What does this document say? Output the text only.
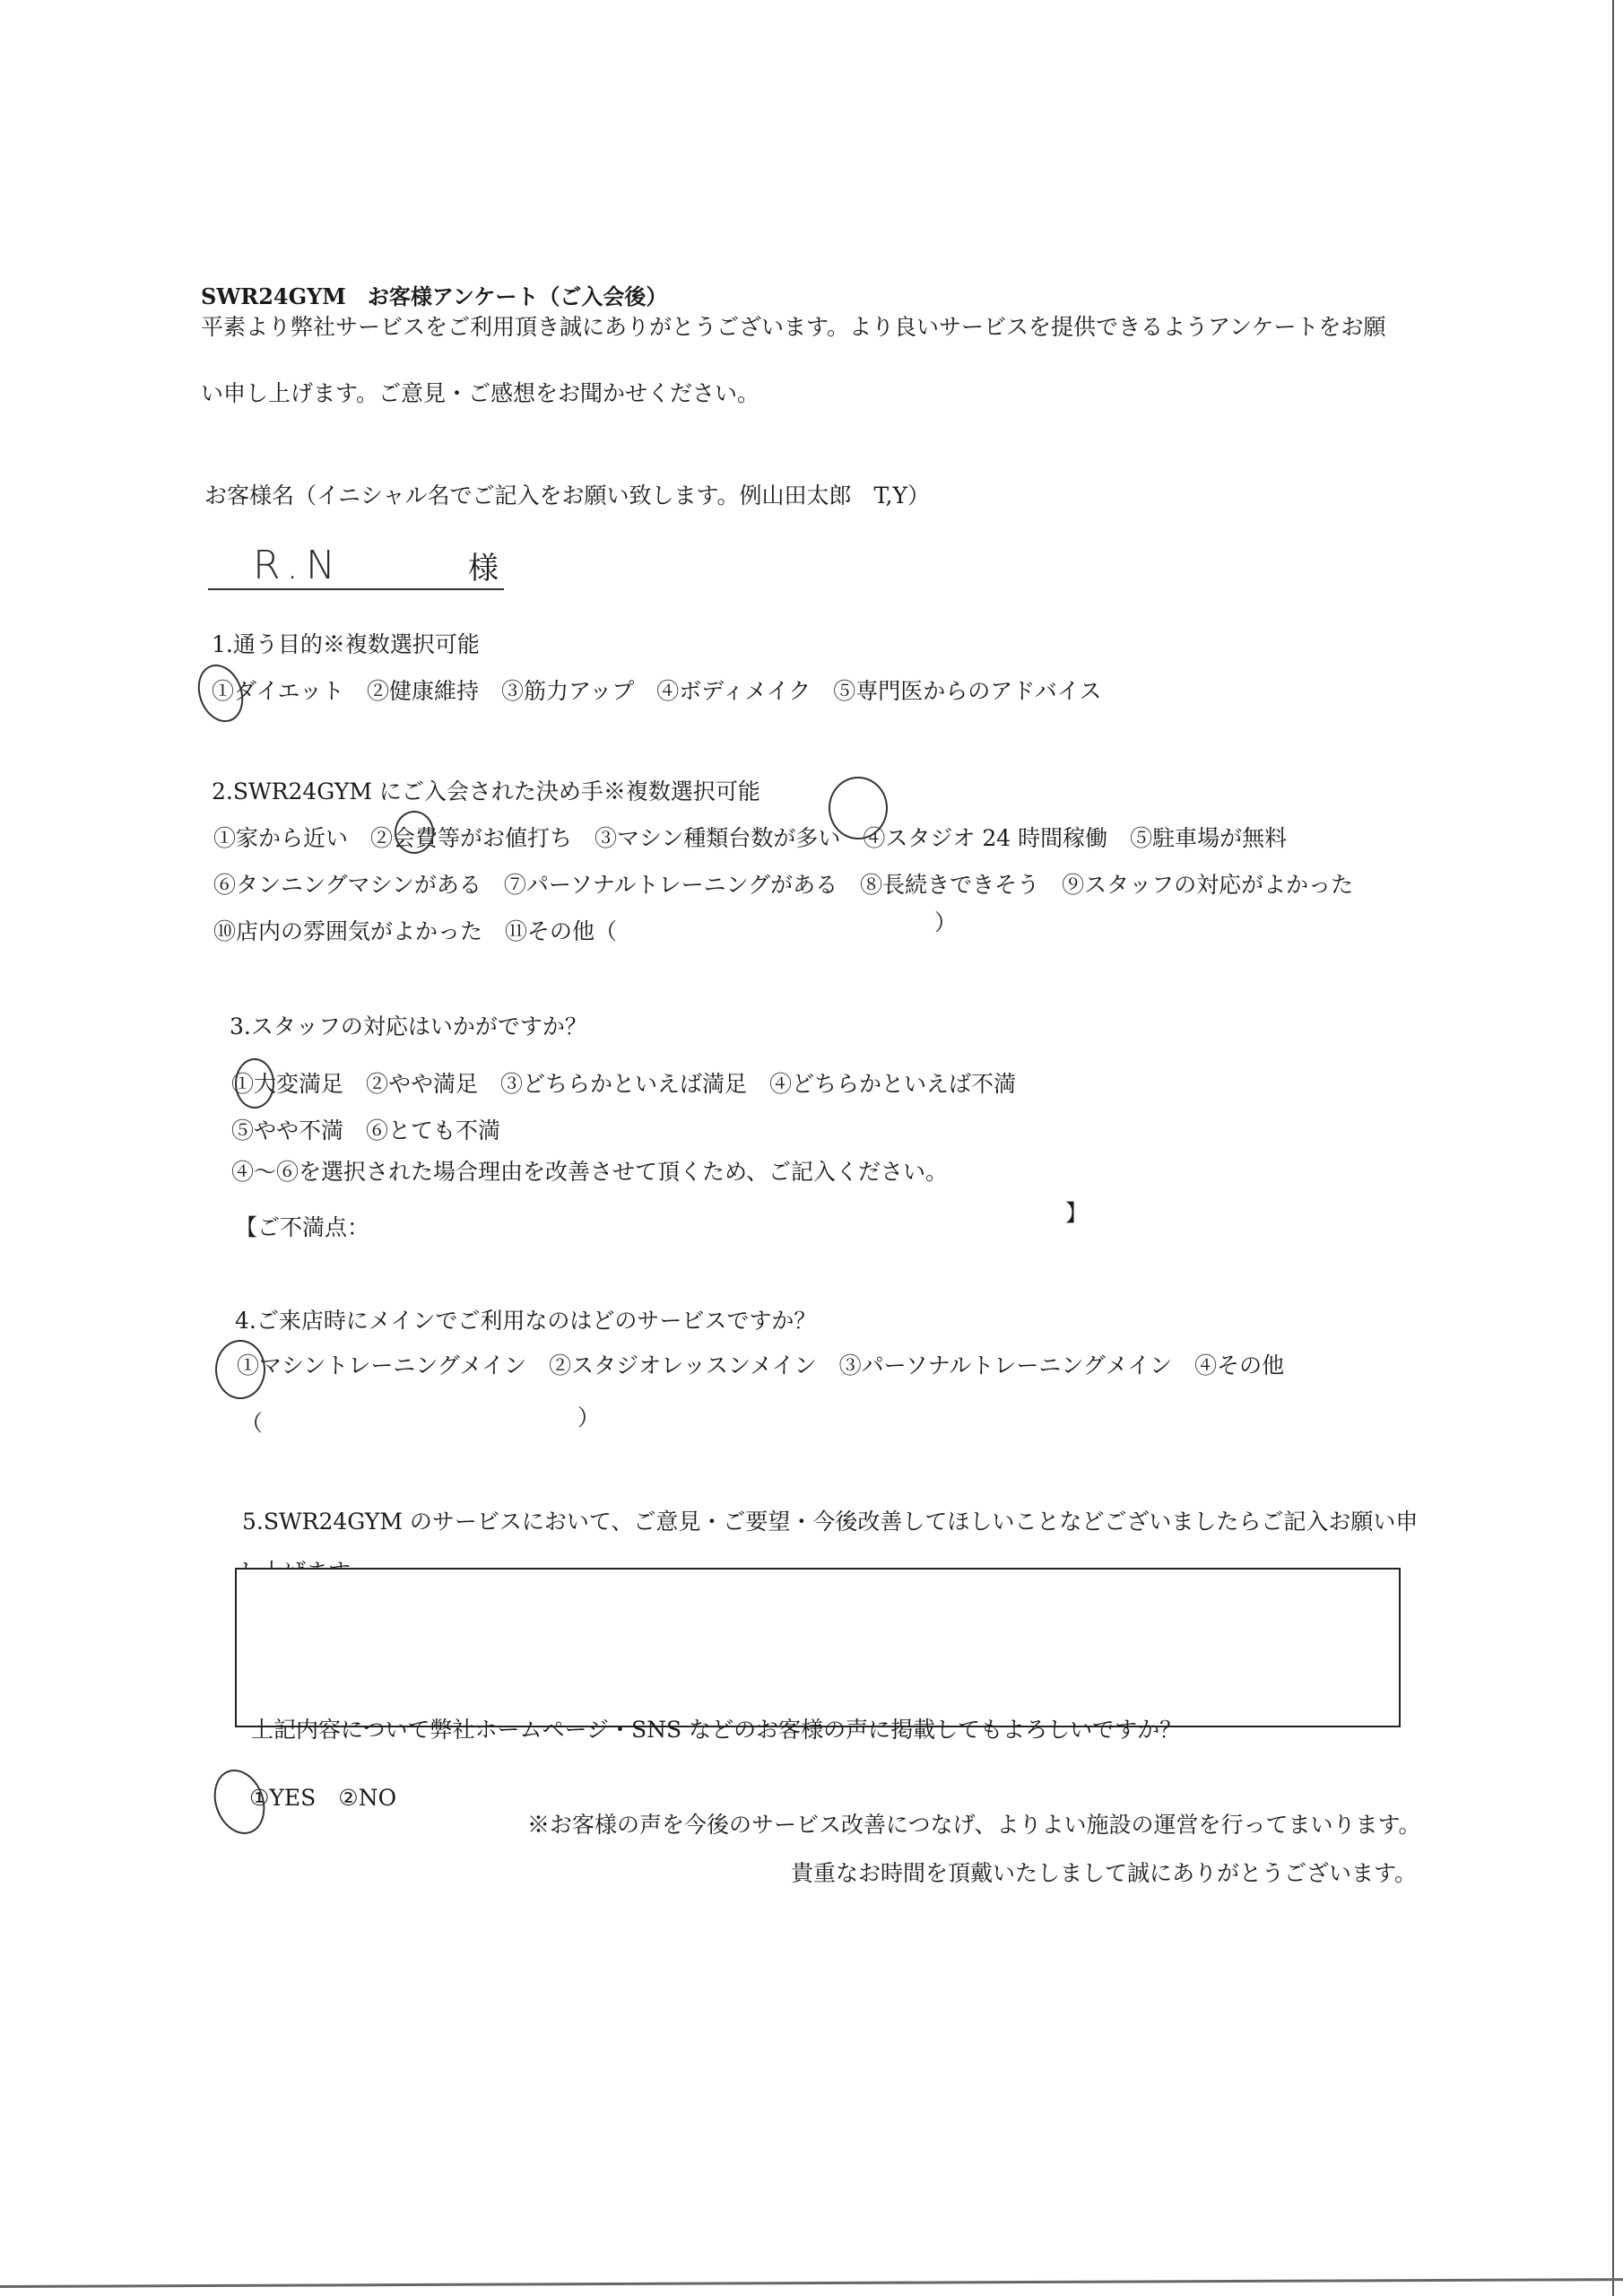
SWR24GYM　 お客様アンケート（ご入会後）
平素より弊社サービスをご利用頂き誠にありがとうございます。より良いサービスを提供できるようアンケートをお願
い申し上げます。ご意見・ご感想をお聞かせください。
お客様名（イニシャル名でご記入をお願い致します。例山田太郎　T,Y）
R.N	様
1.通う目的※複数選択可能
①ダイエット　②健康維持　③筋力アップ　④ボディメイク　⑤専門医からのアドバイス
2.SWR24GYM にご入会された決め手※複数選択可能
①家から近い　②会費等がお値打ち　③マシン種類台数が多い　④スタジオ 24 時間稼働　⑤駐車場が無料
⑥タンニングマシンがある　⑦パーソナルトレーニングがある　⑧長続きできそう　⑨スタッフの対応がよかった
⑩店内の雰囲気がよかった　⑪その他（	）
3.スタッフの対応はいかがですか？
①大変満足　②やや満足　③どちらかといえば満足　④どちらかといえば不満
⑤やや不満　⑥とても不満
④～⑥を選択された場合理由を改善させて頂くため、ご記入ください。
【ご不満点：
】
4.ご来店時にメインでご利用なのはどのサービスですか？
①マシントレーニングメイン　②スタジオレッスンメイン　③パーソナルトレーニングメイン　④その他
（	）
5.SWR24GYM のサービスにおいて、ご意見・ご要望・今後改善してほしいことなどございましたらご記入お願い申
上記内容について弊社ホームページ・SNS などのお客様の声に掲載してもよろしいですか？
①YES　②NO
※お客様の声を今後のサービス改善につなげ、よりよい施設の運営を行ってまいります。
貴重なお時間を頂戴いたしまして誠にありがとうございます。
